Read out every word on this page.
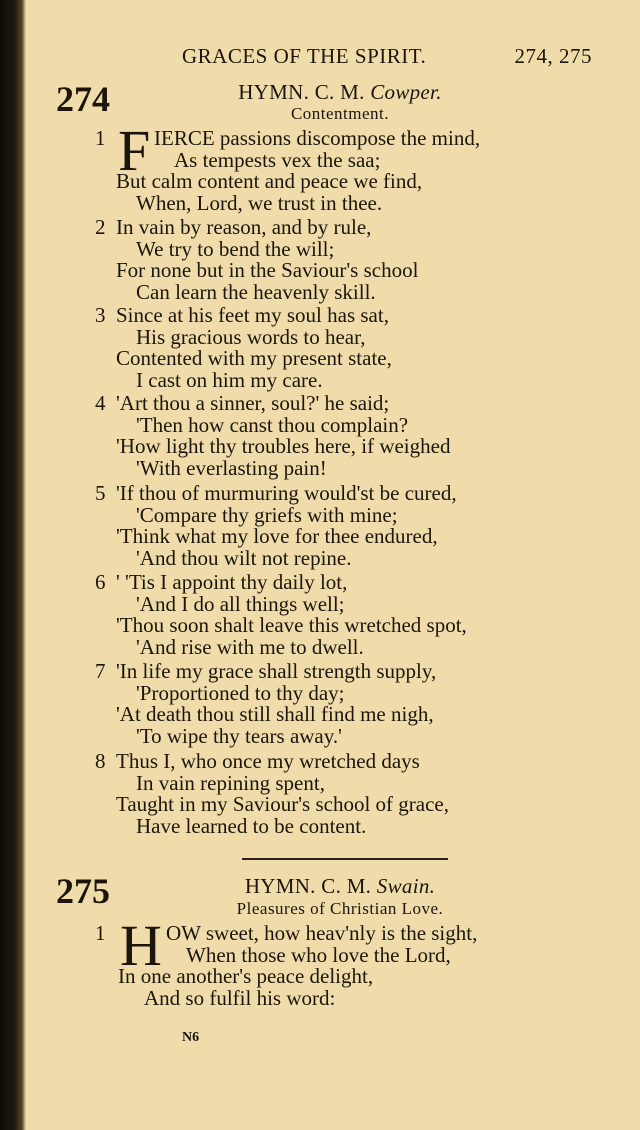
GRACES OF THE SPIRIT.	274, 275
274	HYMN. C. M. Cowper.
Contentment.
1 IERCE passions discompose the mind,
As tempests vex the saa;
But calm content and peace we find,
When, Lord, we trust in thee.
F
2 In vain by reason, and by rule,
We try to bend the will;
For none but in the Saviour's school
Can learn the heavenly skill.
3 Since at his feet my soul has sat,
His gracious words to hear,
Contented with my present state,
I cast on him my care.
4 'Art thou a sinner, soul?' he said;
'Then how canst thou complain?
'How light thy troubles here, if weighed
'With everlasting pain!
5 'If thou of murmuring would'st be cured,
'Compare thy griefs with mine;
'Think what my love for thee endured,
'And thou wilt not repine.
6 ' 'Tis I appoint thy daily lot,
'And I do all things well;
'Thou soon shalt leave this wretched spot,
'And rise with me to dwell.
7 'In life my grace shall strength supply,
'Proportioned to thy day;
'At death thou still shall find me nigh,
'To wipe thy tears away.'
8 Thus I, who once my wretched days
In vain repining spent,
Taught in my Saviour's school of grace,
Have learned to be content.
275	HYMN. C. M. Swain.
Pleasures of Christian Love.
1	OW sweet, how heav'nly is the sight,
When those who love the Lord,
In one another's peace delight,
And so fulfil his word:
H
N6
